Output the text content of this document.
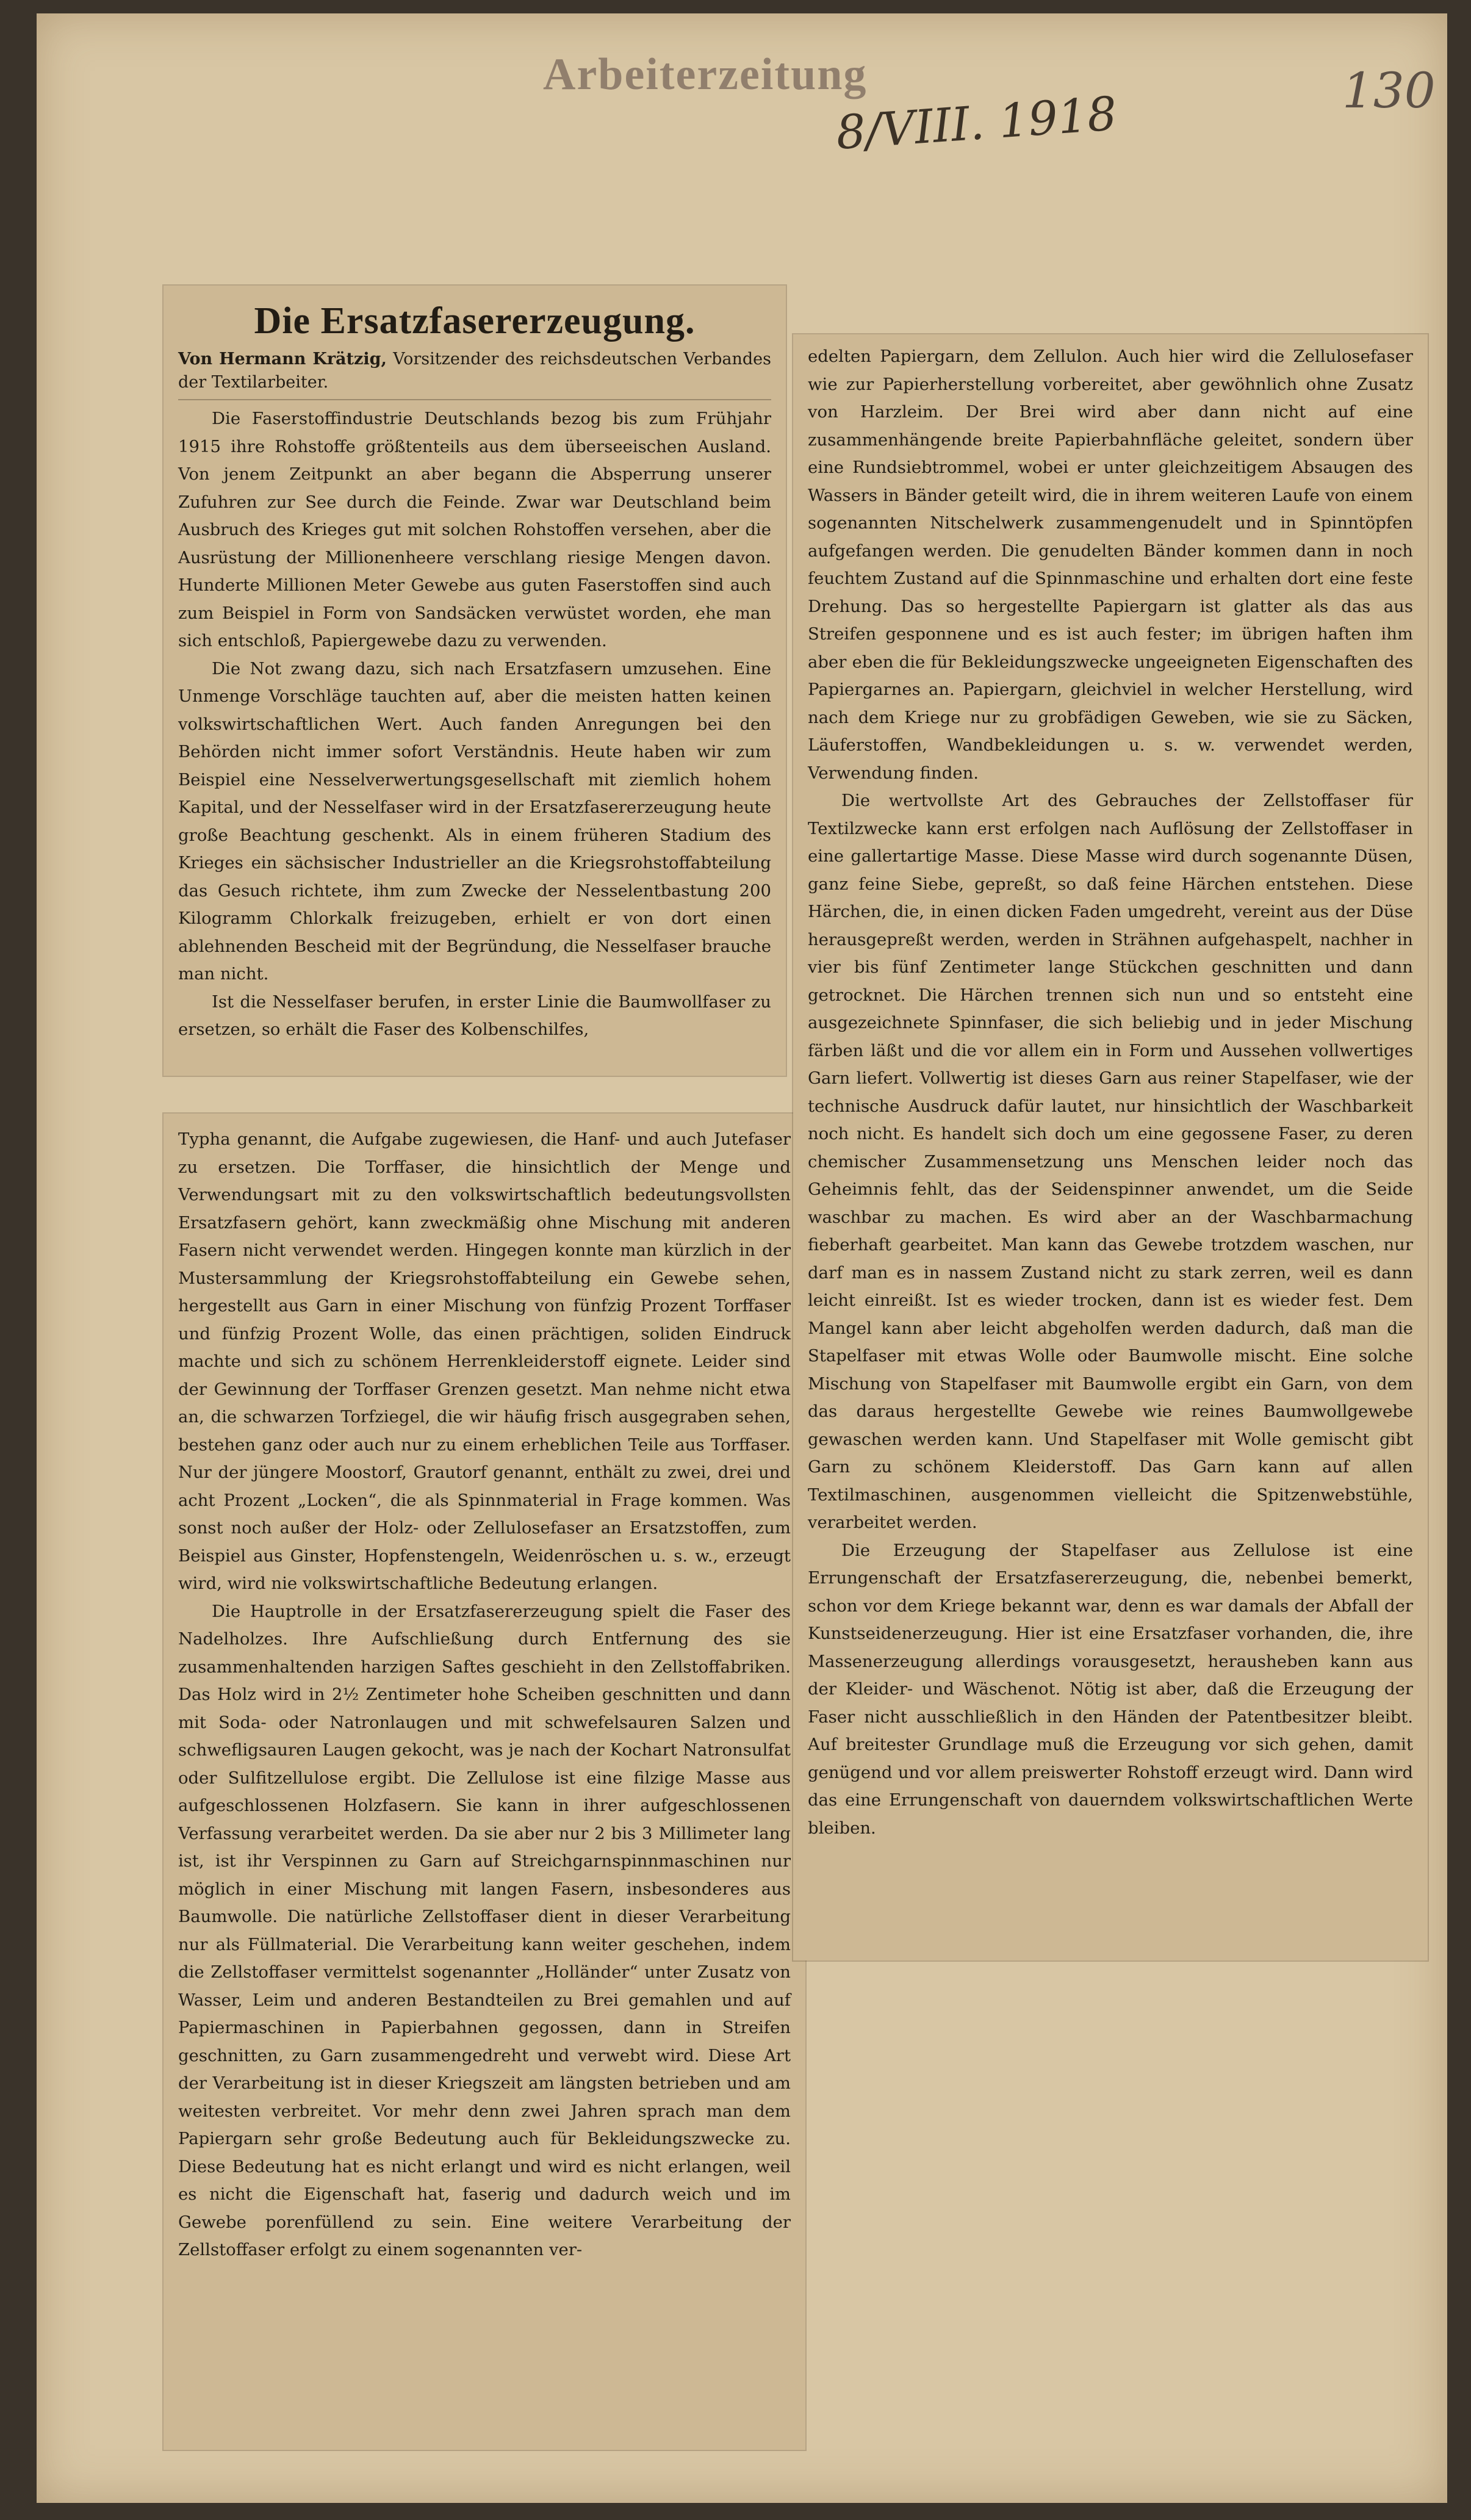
Arbeiterzeitung
8/VIII. 1918	130
Die Ersatzfasererzeugung.
Von Hermann Krätzig, Vorsitzender des reichsdeutschen Verbandes der Textilarbeiter.

Die Faserstoffindustrie Deutschlands bezog bis zum Frühjahr 1915 ihre Rohstoffe größtenteils aus dem überseeischen Ausland. Von jenem Zeitpunkt an aber begann die Absperrung unserer Zufuhren zur See durch die Feinde. Zwar war Deutschland beim Ausbruch des Krieges gut mit solchen Rohstoffen versehen, aber die Ausrüstung der Millionenheere verschlang riesige Mengen davon. Hunderte Millionen Meter Gewebe aus guten Faserstoffen sind auch zum Beispiel in Form von Sandsäcken verwüstet worden, ehe man sich entschloß, Papiergewebe dazu zu verwenden.

Die Not zwang dazu, sich nach Ersatzfasern umzusehen. Eine Unmenge Vorschläge tauchten auf, aber die meisten hatten keinen volkswirtschaftlichen Wert. Auch fanden Anregungen bei den Behörden nicht immer sofort Verständnis. Heute haben wir zum Beispiel eine Nesselverwertungsgesellschaft mit ziemlich hohem Kapital, und der Nesselfaser wird in der Ersatzfasererzeugung heute große Beachtung geschenkt. Als in einem früheren Stadium des Krieges ein sächsischer Industrieller an die Kriegsrohstoffabteilung das Gesuch richtete, ihm zum Zwecke der Nesselentbastung 200 Kilogramm Chlorkalk freizugeben, erhielt er von dort einen ablehnenden Bescheid mit der Begründung, die Nesselfaser brauche man nicht.

Ist die Nesselfaser berufen, in erster Linie die Baumwollfaser zu ersetzen, so erhält die Faser des Kolbenschilfes,

Typha genannt, die Aufgabe zugewiesen, die Hanf- und auch Jutefaser zu ersetzen. Die Torffaser, die hinsichtlich der Menge und Verwendungsart mit zu den volkswirtschaftlich bedeutungsvollsten Ersatzfasern gehört, kann zweckmäßig ohne Mischung mit anderen Fasern nicht verwendet werden. Hingegen konnte man kürzlich in der Mustersammlung der Kriegsrohstoffabteilung ein Gewebe sehen, hergestellt aus Garn in einer Mischung von fünfzig Prozent Torffaser und fünfzig Prozent Wolle, das einen prächtigen, soliden Eindruck machte und sich zu schönem Herrenkleiderstoff eignete. Leider sind der Gewinnung der Torffaser Grenzen gesetzt. Man nehme nicht etwa an, die schwarzen Torfziegel, die wir häufig frisch ausgegraben sehen, bestehen ganz oder auch nur zu einem erheblichen Teile aus Torffaser. Nur der jüngere Moostorf, Grautorf genannt, enthält zu zwei, drei und acht Prozent „Locken“, die als Spinnmaterial in Frage kommen. Was sonst noch außer der Holz- oder Zellulosefaser an Ersatzstoffen, zum Beispiel aus Ginster, Hopfenstengeln, Weidenröschen u. s. w., erzeugt wird, wird nie volkswirtschaftliche Bedeutung erlangen.

Die Hauptrolle in der Ersatzfasererzeugung spielt die Faser des Nadelholzes. Ihre Aufschließung durch Entfernung des sie zusammenhaltenden harzigen Saftes geschieht in den Zellstoffabriken. Das Holz wird in 2½ Zentimeter hohe Scheiben geschnitten und dann mit Soda- oder Natronlaugen und mit schwefelsauren Salzen und schwefligsauren Laugen gekocht, was je nach der Kochart Natronsulfat oder Sulfitzellulose ergibt. Die Zellulose ist eine filzige Masse aus aufgeschlossenen Holzfasern. Sie kann in ihrer aufgeschlossenen Verfassung verarbeitet werden. Da sie aber nur 2 bis 3 Millimeter lang ist, ist ihr Verspinnen zu Garn auf Streichgarnspinnmaschinen nur möglich in einer Mischung mit langen Fasern, insbesonderes aus Baumwolle. Die natürliche Zellstoffaser dient in dieser Verarbeitung nur als Füllmaterial. Die Verarbeitung kann weiter geschehen, indem die Zellstoffaser vermittelst sogenannter „Holländer“ unter Zusatz von Wasser, Leim und anderen Bestandteilen zu Brei gemahlen und auf Papiermaschinen in Papierbahnen gegossen, dann in Streifen geschnitten, zu Garn zusammengedreht und verwebt wird. Diese Art der Verarbeitung ist in dieser Kriegszeit am längsten betrieben und am weitesten verbreitet. Vor mehr denn zwei Jahren sprach man dem Papiergarn sehr große Bedeutung auch für Bekleidungszwecke zu. Diese Bedeutung hat es nicht erlangt und wird es nicht erlangen, weil es nicht die Eigenschaft hat, faserig und dadurch weich und im Gewebe porenfüllend zu sein. Eine weitere Verarbeitung der Zellstoffaser erfolgt zu einem sogenannten ver-

edelten Papiergarn, dem Zellulon. Auch hier wird die Zellulosefaser wie zur Papierherstellung vorbereitet, aber gewöhnlich ohne Zusatz von Harzleim. Der Brei wird aber dann nicht auf eine zusammenhängende breite Papierbahnfläche geleitet, sondern über eine Rundsiebtrommel, wobei er unter gleichzeitigem Absaugen des Wassers in Bänder geteilt wird, die in ihrem weiteren Laufe von einem sogenannten Nitschelwerk zusammengenudelt und in Spinntöpfen aufgefangen werden. Die genudelten Bänder kommen dann in noch feuchtem Zustand auf die Spinnmaschine und erhalten dort eine feste Drehung. Das so hergestellte Papiergarn ist glatter als das aus Streifen gesponnene und es ist auch fester; im übrigen haften ihm aber eben die für Bekleidungszwecke ungeeigneten Eigenschaften des Papiergarnes an. Papiergarn, gleichviel in welcher Herstellung, wird nach dem Kriege nur zu grobfädigen Geweben, wie sie zu Säcken, Läuferstoffen, Wandbekleidungen u. s. w. verwendet werden, Verwendung finden.

Die wertvollste Art des Gebrauches der Zellstoffaser für Textilzwecke kann erst erfolgen nach Auflösung der Zellstoffaser in eine gallertartige Masse. Diese Masse wird durch sogenannte Düsen, ganz feine Siebe, gepreßt, so daß feine Härchen entstehen. Diese Härchen, die, in einen dicken Faden umgedreht, vereint aus der Düse herausgepreßt werden, werden in Strähnen aufgehaspelt, nachher in vier bis fünf Zentimeter lange Stückchen geschnitten und dann getrocknet. Die Härchen trennen sich nun und so entsteht eine ausgezeichnete Spinnfaser, die sich beliebig und in jeder Mischung färben läßt und die vor allem ein in Form und Aussehen vollwertiges Garn liefert. Vollwertig ist dieses Garn aus reiner Stapelfaser, wie der technische Ausdruck dafür lautet, nur hinsichtlich der Waschbarkeit noch nicht. Es handelt sich doch um eine gegossene Faser, zu deren chemischer Zusammensetzung uns Menschen leider noch das Geheimnis fehlt, das der Seidenspinner anwendet, um die Seide waschbar zu machen. Es wird aber an der Waschbarmachung fieberhaft gearbeitet. Man kann das Gewebe trotzdem waschen, nur darf man es in nassem Zustand nicht zu stark zerren, weil es dann leicht einreißt. Ist es wieder trocken, dann ist es wieder fest. Dem Mangel kann aber leicht abgeholfen werden dadurch, daß man die Stapelfaser mit etwas Wolle oder Baumwolle mischt. Eine solche Mischung von Stapelfaser mit Baumwolle ergibt ein Garn, von dem das daraus hergestellte Gewebe wie reines Baumwollgewebe gewaschen werden kann. Und Stapelfaser mit Wolle gemischt gibt Garn zu schönem Kleiderstoff. Das Garn kann auf allen Textilmaschinen, ausgenommen vielleicht die Spitzenwebstühle, verarbeitet werden.

Die Erzeugung der Stapelfaser aus Zellulose ist eine Errungenschaft der Ersatzfasererzeugung, die, nebenbei bemerkt, schon vor dem Kriege bekannt war, denn es war damals der Abfall der Kunstseidenerzeugung. Hier ist eine Ersatzfaser vorhanden, die, ihre Massenerzeugung allerdings vorausgesetzt, herausheben kann aus der Kleider- und Wäschenot. Nötig ist aber, daß die Erzeugung der Faser nicht ausschließlich in den Händen der Patentbesitzer bleibt. Auf breitester Grundlage muß die Erzeugung vor sich gehen, damit genügend und vor allem preiswerter Rohstoff erzeugt wird. Dann wird das eine Errungenschaft von dauerndem volkswirtschaftlichen Werte bleiben.
